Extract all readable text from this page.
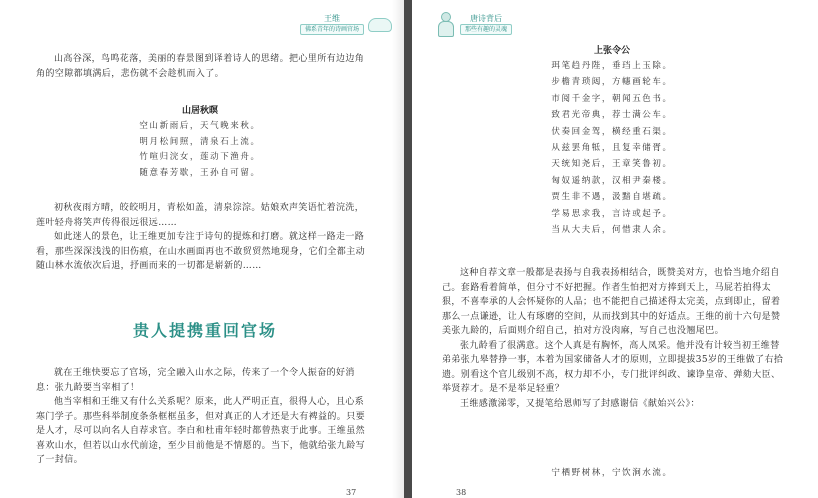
王维
佛系青年的诗画官场

山高谷深，鸟鸣花落，美丽的春景图到译着诗人的思绪。把心里所有边边角角的空隙都填满后，悲伤就不会趁机而入了。

山居秋暝
空山新雨后，天气晚来秋。
明月松间照，清泉石上流。
竹喧归浣女，莲动下渔舟。
随意春芳歇，王孙自可留。

初秋夜雨方晴，皎皎明月，青松如盖，清泉淙淙。姑娘欢声笑语忙着浣洗，莲叶轻舟将笑声传得很远很远……

如此迷人的景色，让王维更加专注于诗句的提炼和打磨。就这样一路走一路看，那些深深浅浅的旧伤痕，在山水画面再也不敢贸贸然地现身，它们全都主动随山林水流依次后退，抒画而来的一切都是崭新的……

贵人提携重回官场

就在王维快要忘了官场，完全融入山水之际，传来了一个令人振奋的好消息：张九龄要当宰相了！

他当宰相和王维又有什么关系呢？原来，此人严明正直，很得人心，且心系寒门学子。那些科举制度条条框框虽多，但对真正的人才还是大有裨益的。只要是人才，尽可以向名人自荐求官。李白和杜甫年轻时都曾热衷于此事。王维虽然喜欢山水，但若以山水代前途，至少目前他是不情愿的。当下，他就给张九龄写了一封信。

37
唐诗背后
那些有趣的灵魂
上张令公
珥笔趋丹陛，垂珰上玉除。
步檐青琐闼，方幰画轮车。
市阅千金字，朝闻五色书。
致君光帝典，荐士满公车。
伏奏回金驾，横经重石渠。
从兹罢角牴，且复幸储胥。
天统知尧后，王章笑鲁初。
匈奴遥纳款，汉相尹秦楼。
贾生非不遇，汲黯自堪疏。
学易思求我，言诗或起予。
当从大夫后，何惜隶人余。

这种自荐文章一般都是表扬与自我表扬相结合，既赞美对方，也恰当地介绍自己。套路看着简单，但分寸不好把握。作者生怕把对方捧到天上，马屁若拍得太狠，不喜奉承的人会怀疑你的人品；也不能把自己描述得太完美，点到即止，留着那么一点谦逊，让人有琢磨的空间，从而找到其中的好适点。王维的前十六句是赞美张九龄的，后面则介绍自己，拍对方没肉麻，写自己也没翘尾巴。

张九龄看了很满意。这个人真是有胸怀，高人凤采。他并没有计较当初王维替弟弟张九皋替挣一事，本着为国家储备人才的原则，立即提拔35岁的王维做了右拾遗。别看这个官儿级别不高，权力却不小，专门批评纠政、谏诤皇帝、弹劾大臣、举贤荐才。是不是举足轻重？

王维感激涕零，又提笔给恩师写了封感谢信《献始兴公》：

宁栖野树林，宁饮涧水流。
38
